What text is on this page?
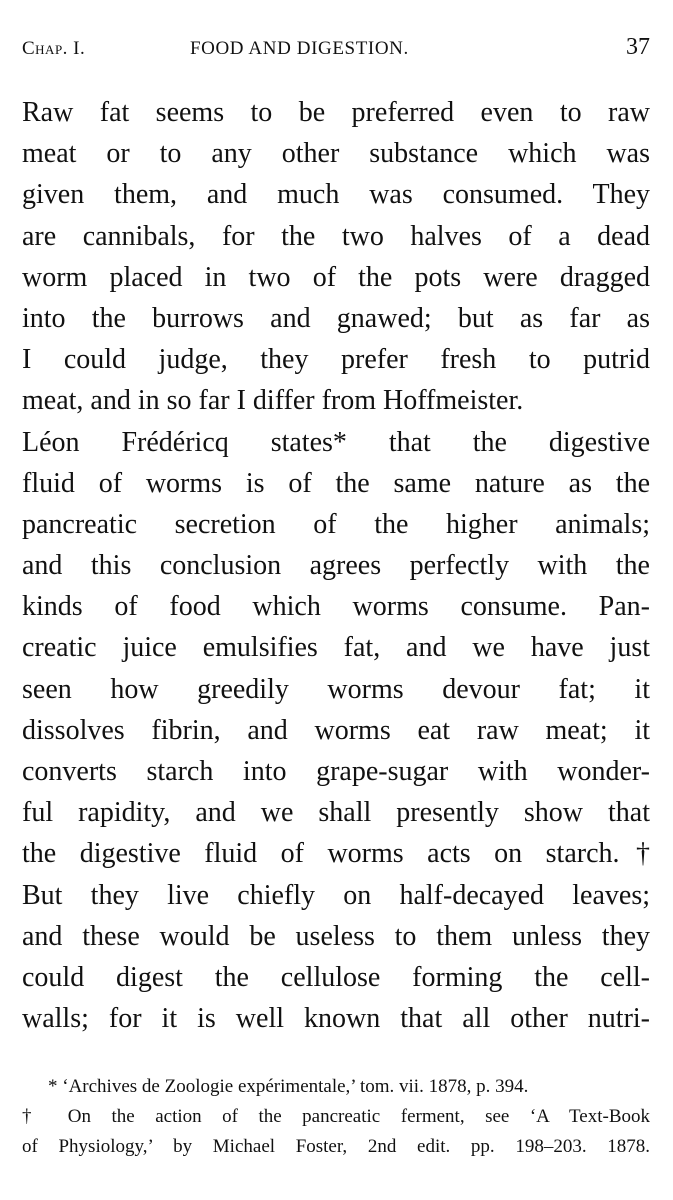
Chap. I.	FOOD AND DIGESTION.	37
Raw fat seems to be preferred even to raw
meat or to any other substance which was
given them, and much was consumed. They
are cannibals, for the two halves of a dead
worm placed in two of the pots were dragged
into the burrows and gnawed; but as far as
I could judge, they prefer fresh to putrid
meat, and in so far I differ from Hoffmeister.
Léon Frédéricq states* that the digestive
fluid of worms is of the same nature as the
pancreatic secretion of the higher animals;
and this conclusion agrees perfectly with the
kinds of food which worms consume. Pan-
creatic juice emulsifies fat, and we have just
seen how greedily worms devour fat; it
dissolves fibrin, and worms eat raw meat; it
converts starch into grape-sugar with wonder-
ful rapidity, and we shall presently show that
the digestive fluid of worms acts on starch.†
But they live chiefly on half-decayed leaves;
and these would be useless to them unless they
could digest the cellulose forming the cell-
walls; for it is well known that all other nutri-
* ‘Archives de Zoologie expérimentale,’ tom. vii. 1878, p. 394.
† On the action of the pancreatic ferment, see ‘A Text-Book
of Physiology,’ by Michael Foster, 2nd edit. pp. 198–203. 1878.
